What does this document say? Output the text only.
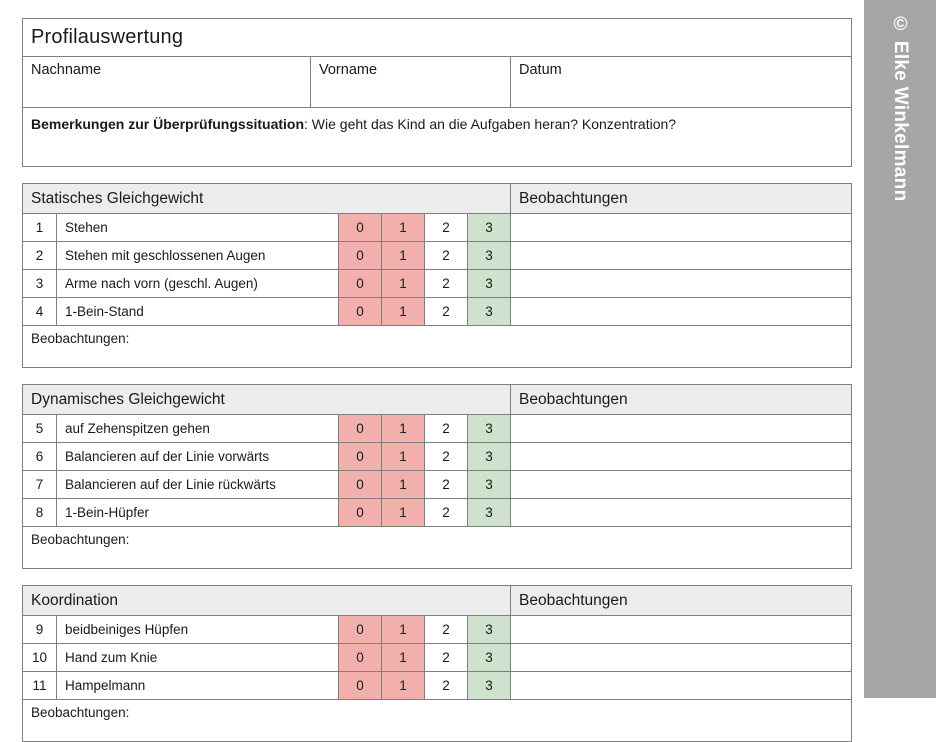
Profilauswertung
Nachname	Vorname	Datum
Bemerkungen zur Überprüfungssituation: Wie geht das Kind an die Aufgaben heran? Konzentration?
Statisches Gleichgewicht	Beobachtungen
1	Stehen	0	1	2	3
2	Stehen mit geschlossenen Augen	0	1	2	3
3	Arme nach vorn (geschl. Augen)	0	1	2	3
4	1-Bein-Stand	0	1	2	3
Beobachtungen:
Dynamisches Gleichgewicht	Beobachtungen
5	auf Zehenspitzen gehen	0	1	2	3
6	Balancieren auf der Linie vorwärts	0	1	2	3
7	Balancieren auf der Linie rückwärts	0	1	2	3
8	1-Bein-Hüpfer	0	1	2	3
Beobachtungen:
Koordination	Beobachtungen
9	beidbeiniges Hüpfen	0	1	2	3
10	Hand zum Knie	0	1	2	3
11	Hampelmann	0	1	2	3
Beobachtungen:
© Elke Winkelmann
